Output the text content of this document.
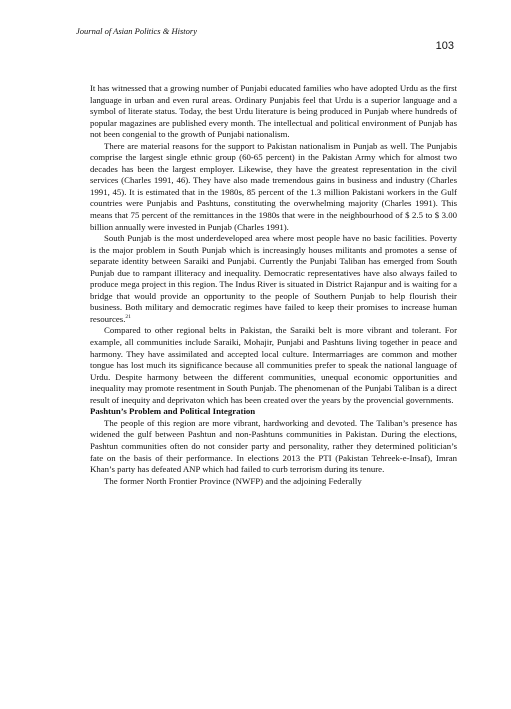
Journal of Asian Politics & History
103

It has witnessed that a growing number of Punjabi educated families who have adopted Urdu as the first language in urban and even rural areas. Ordinary Punjabis feel that Urdu is a superior language and a symbol of literate status. Today, the best Urdu literature is being produced in Punjab where hundreds of popular magazines are published every month. The intellectual and political environment of Punjab has not been congenial to the growth of Punjabi nationalism.

There are material reasons for the support to Pakistan nationalism in Punjab as well. The Punjabis comprise the largest single ethnic group (60-65 percent) in the Pakistan Army which for almost two decades has been the largest employer. Likewise, they have the greatest representation in the civil services (Charles 1991, 46). They have also made tremendous gains in business and industry (Charles 1991, 45). It is estimated that in the 1980s, 85 percent of the 1.3 million Pakistani workers in the Gulf countries were Punjabis and Pashtuns, constituting the overwhelming majority (Charles 1991). This means that 75 percent of the remittances in the 1980s that were in the neighbourhood of $ 2.5 to $ 3.00 billion annually were invested in Punjab (Charles 1991).

South Punjab is the most underdeveloped area where most people have no basic facilities. Poverty is the major problem in South Punjab which is increasingly houses militants and promotes a sense of separate identity between Saraiki and Punjabi. Currently the Punjabi Taliban has emerged from South Punjab due to rampant illiteracy and inequality. Democratic representatives have also always failed to produce mega project in this region. The Indus River is situated in District Rajanpur and is waiting for a bridge that would provide an opportunity to the people of Southern Punjab to help flourish their business. Both military and democratic regimes have failed to keep their promises to increase human resources.$^{21}$

Compared to other regional belts in Pakistan, the Saraiki belt is more vibrant and tolerant. For example, all communities include Saraiki, Mohajir, Punjabi and Pashtuns living together in peace and harmony. They have assimilated and accepted local culture. Intermarriages are common and mother tongue has lost much its significance because all communities prefer to speak the national language of Urdu. Despite harmony between the different communities, unequal economic opportunities and inequality may promote resentment in South Punjab. The phenomenan of the Punjabi Taliban is a direct result of inequity and deprivaton which has been created over the years by the provencial governments.

Pashtun’s Problem and Political Integration

The people of this region are more vibrant, hardworking and devoted. The Taliban’s presence has widened the gulf between Pashtun and non-Pashtuns communities in Pakistan. During the elections, Pashtun communities often do not consider party and personality, rather they determined politician’s fate on the basis of their performance. In elections 2013 the PTI (Pakistan Tehreek-e-Insaf), Imran Khan’s party has defeated ANP which had failed to curb terrorism during its tenure.

The former North Frontier Province (NWFP) and the adjoining Federally
